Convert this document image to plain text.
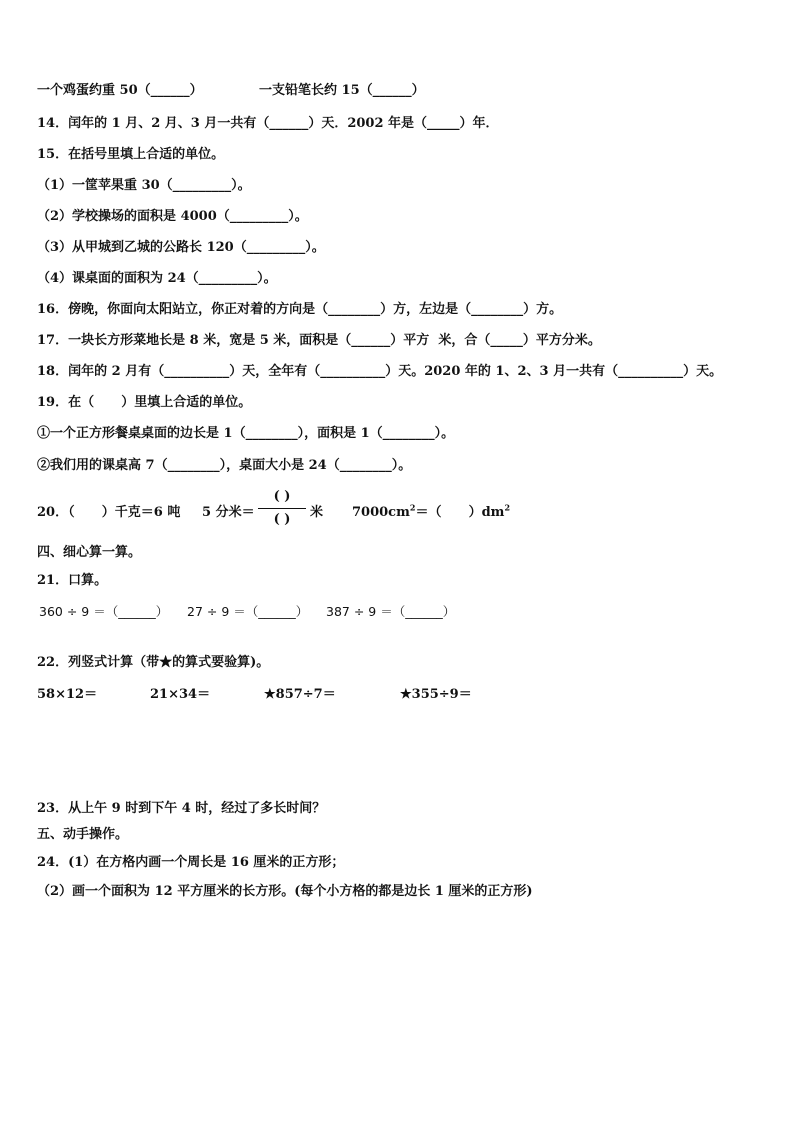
一个鸡蛋约重 50（______）	一支铅笔长约 15（______）
14．闰年的 1 月、2 月、3 月一共有（______）天．2002 年是（_____）年．
15．在括号里填上合适的单位。
（1）一筐苹果重 30（_________）。
（2）学校操场的面积是 4000（_________）。
（3）从甲城到乙城的公路长 120（_________）。
（4）课桌面的面积为 24（_________）。
16．傍晚，你面向太阳站立，你正对着的方向是（________）方，左边是（________）方。
17．一块长方形菜地长是 8 米，宽是 5 米，面积是（______）平方  米，合（_____）平方分米。
18．闰年的 2 月有（__________）天，全年有（__________）天。2020 年的 1、2、3 月一共有（__________）天。
19．在（      ）里填上合适的单位。
①一个正方形餐桌桌面的边长是 1（________），面积是 1（________）。
②我们用的课桌高 7（________），桌面大小是 24（________）。
20．（      ）千克＝6 吨 5 分米＝
( )
( )	米 $7000cm^2=$（      ）$dm^2$
四、细心算一算。
21．口算。
360 ÷ 9 ＝（______） 27 ÷ 9 ＝（______） 387 ÷ 9 ＝（______）
22．列竖式计算（带★的算式要验算)。
58×12＝	21×34＝	★857÷7＝	★355÷9＝
23．从上午 9 时到下午 4 时，经过了多长时间？
五、动手操作。
24．(1）在方格内画一个周长是 16 厘米的正方形；
（2）画一个面积为 12 平方厘米的长方形。(每个小方格的都是边长 1 厘米的正方形)
